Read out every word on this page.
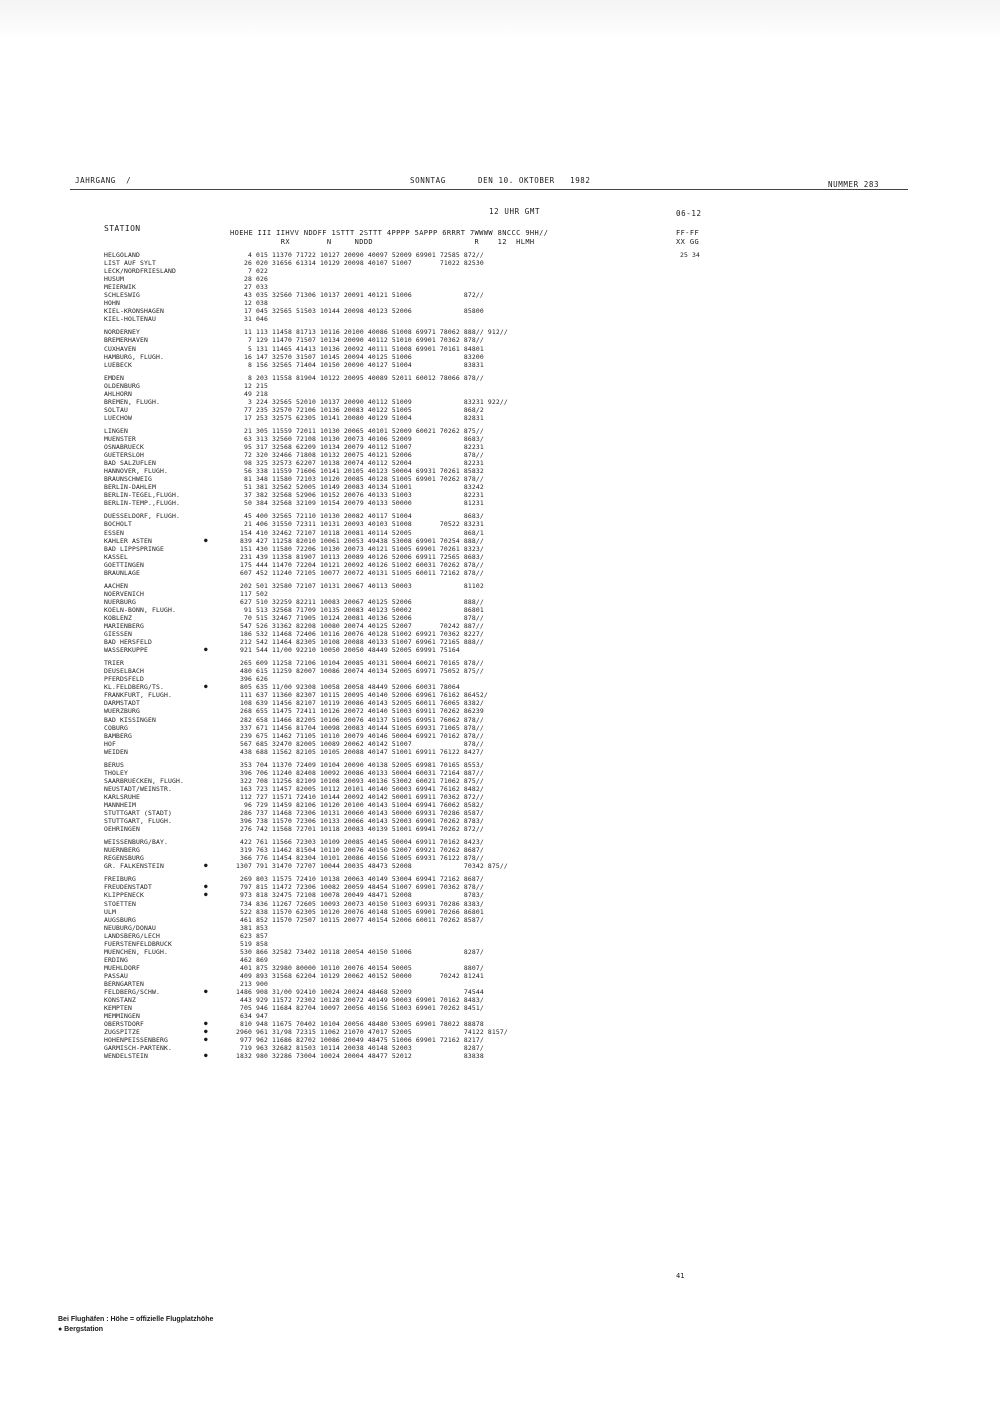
JAHRGANG  /	SONNTAG	DEN 10. OKTOBER   1982	NUMMER 283
12 UHR GMT	06-12
STATION	HOEHE III IIHVV NDDFF 1STTT 2STTT 4PPPP 5APPP 6RRRT 7WWWW 8NCCC 9HH//
RX        N     NDDD                      R    12  HLMH
FF-FF
XX GG
HELGOLAND	4 015 11370 71722 10127 20090 40097 52009 69901 72585 872//	25 34
LIST AUF SYLT	26 020 31656 61314 10129 20098 40107 51007       71022 82530
LECK/NORDFRIESLAND	7 022
HUSUM	28 026
MEIERWIK	27 033
SCHLESWIG	43 035 32560 71306 10137 20091 40121 51006             872//
HOHN	12 038
KIEL-KRONSHAGEN	17 045 32565 51503 10144 20098 40123 52006             85800
KIEL-HOLTENAU	31 046
NORDERNEY	11 113 11458 81713 10116 20100 40086 51008 69971 78062 888// 912//
BREMERHAVEN	7 129 11470 71507 10134 20090 40112 51010 69901 70362 878//
CUXHAVEN	5 131 11465 41413 10136 20092 40111 51008 69901 70161 84801
HAMBURG, FLUGH.	16 147 32570 31507 10145 20094 40125 51006             83200
LUEBECK	8 156 32565 71404 10150 20090 40127 51004             83831
EMDEN	8 203 11558 81904 10122 20095 40089 52011 60012 78066 878//
OLDENBURG	12 215
AHLHORN	49 218
BREMEN, FLUGH.	3 224 32565 52010 10137 20090 40112 51009             83231 922//
SOLTAU	77 235 32570 72106 10136 20083 40122 51005             868/2
LUECHOW	17 253 32575 62305 10141 20080 40129 51004             82831
LINGEN	21 305 11559 72011 10130 20065 40101 52009 60021 70262 875//
MUENSTER	63 313 32560 72108 10130 20073 40106 52009             8683/
OSNABRUECK	95 317 32568 62209 10134 20079 40112 51007             82231
GUETERSLOH	72 320 32466 71808 10132 20075 40121 52006             878//
BAD SALZUFLEN	98 325 32573 62207 10138 20074 40112 52004             82231
HANNOVER, FLUGH.	56 338 11559 71606 10141 20105 40123 50004 69931 70261 85832
BRAUNSCHWEIG	81 348 11580 72103 10120 20085 40128 51005 69901 70262 878//
BERLIN-DAHLEM	51 381 32562 52005 10149 20083 40134 51001             83242
BERLIN-TEGEL,FLUGH.	37 382 32568 52906 10152 20076 40133 51003             82231
BERLIN-TEMP.,FLUGH.	50 384 32568 32109 10154 20079 40133 50000             81231
DUESSELDORF, FLUGH.	45 400 32565 72110 10130 20082 40117 51004             8683/
BOCHOLT	21 406 31550 72311 10131 20093 40103 51008       70522 83231
ESSEN	154 410 32462 72107 10118 20081 40114 52005             868/1
KAHLER ASTEN	●	839 427 11258 82010 10061 20053 49438 53008 69901 70254 888//
BAD LIPPSPRINGE	151 430 11580 72206 10130 20073 40121 51005 69901 70261 8323/
KASSEL	231 439 11358 81907 10113 20089 40126 52006 69911 72565 8683/
GOETTINGEN	175 444 11470 72204 10121 20092 40126 51002 60031 70262 878//
BRAUNLAGE	607 452 11240 72105 10077 20072 40131 51005 60011 72162 878//
AACHEN	202 501 32580 72107 10131 20067 40113 50003             81102
NOERVENICH	117 502
NUERBURG	627 510 32259 82211 10083 20067 40125 52006             888//
KOELN-BONN, FLUGH.	91 513 32568 71709 10135 20083 40123 50002             86801
KOBLENZ	70 515 32467 71905 10124 20081 40136 52006             878//
MARIENBERG	547 526 31362 82208 10080 20074 40125 52007       70242 887//
GIESSEN	186 532 11468 72406 10116 20076 40128 51002 69921 70362 8227/
BAD HERSFELD	212 542 11464 82305 10108 20088 40133 51007 69961 72165 888//
WASSERKUPPE	●	921 544 11/00 92210 10050 20050 48449 52005 69991 75164
TRIER	265 609 11258 72106 10104 20085 40131 50004 60021 70165 878//
DEUSELBACH	480 615 11259 82007 10086 20074 40134 52005 69971 75052 875//
PFERDSFELD	396 626
KL.FELDBERG/TS.	●	805 635 11/00 92308 10058 20058 48449 52006 60031 78064
FRANKFURT, FLUGH.	111 637 11360 82307 10115 20095 40140 52006 69961 76162 86452/
DARMSTADT	108 639 11456 82107 10119 20086 40143 52005 60011 76065 8382/
WUERZBURG	268 655 11475 72411 10126 20072 40140 51003 69911 70262 86239
BAD KISSINGEN	282 658 11466 82205 10106 20076 40137 51005 69951 76062 878//
COBURG	337 671 11456 81704 10098 20083 40144 51005 69931 71065 878//
BAMBERG	239 675 11462 71105 10110 20079 40146 50004 69921 70162 878//
HOF	567 685 32470 82005 10089 20062 40142 51007             878//
WEIDEN	438 688 11562 82105 10105 20088 40147 51001 69911 76122 8427/
BERUS	353 704 11370 72409 10104 20090 40138 52005 69981 70165 8553/
THOLEY	396 706 11240 82408 10092 20086 40133 50004 60031 72164 887//
SAARBRUECKEN, FLUGH.	322 708 11256 82109 10108 20093 40136 53002 60021 71062 875//
NEUSTADT/WEINSTR.	163 723 11457 82005 10112 20101 40140 50003 69941 76162 8482/
KARLSRUHE	112 727 11571 72410 10144 20092 40142 50001 69911 70362 872//
MANNHEIM	96 729 11459 82106 10120 20100 40143 51004 69941 76062 8582/
STUTTGART (STADT)	286 737 11468 72306 10131 20060 40143 50000 69931 70286 8587/
STUTTGART, FLUGH.	396 738 11570 72306 10133 20066 40143 52003 69901 70262 8783/
OEHRINGEN	276 742 11568 72701 10118 20083 40139 51001 69941 70262 872//
WEISSENBURG/BAY.	422 761 11566 72303 10109 20085 40145 50004 69911 70162 8423/
NUERNBERG	319 763 11462 81504 10110 20076 40150 52007 69921 70262 8687/
REGENSBURG	366 776 11454 82304 10101 20086 40156 51005 69931 76122 878//
GR. FALKENSTEIN	●	1307 791 31470 72707 10044 20035 48473 52008             70342 875//
FREIBURG	269 803 11575 72410 10138 20063 40149 53004 69941 72162 8687/
FREUDENSTADT	●	797 815 11472 72306 10082 20059 48454 51007 69901 70362 878//
KLIPPENECK	●	973 818 32475 72108 10078 20049 48471 52008             8783/
STOETTEN	734 836 11267 72605 10093 20073 40150 51003 69931 70286 8383/
ULM	522 838 11570 62305 10120 20076 40148 51005 69901 70266 86801
AUGSBURG	461 852 11570 72507 10115 20077 40154 52006 60011 70262 8587/
NEUBURG/DONAU	381 853
LANDSBERG/LECH	623 857
FUERSTENFELDBRUCK	519 858
MUENCHEN, FLUGH.	530 866 32582 73402 10118 20054 40150 51006             8287/
ERDING	462 869
MUEHLDORF	401 875 32980 80000 10110 20076 40154 50005             8807/
PASSAU	409 893 31568 62204 10129 20062 40152 50000       70242 81241
BERNGARTEN	213 900
FELDBERG/SCHW.	●	1486 908 31/00 92410 10024 20024 48468 52009             74544
KONSTANZ	443 929 11572 72302 10128 20072 40149 50003 69901 70162 8483/
KEMPTEN	705 946 11684 82704 10097 20056 40156 51003 69901 70262 8451/
MEMMINGEN	634 947
OBERSTDORF	●	810 948 11675 70402 10104 20056 48480 53005 69901 78022 88878
ZUGSPITZE	●	2960 961 31/98 72315 11062 21070 47017 52005             74122 8157/
HOHENPEISSENBERG	●	977 962 11686 82702 10086 20049 48475 51006 69901 72162 8217/
GARMISCH-PARTENK.	719 963 32682 81503 10114 20038 40148 52003             8287/
WENDELSTEIN	●	1832 980 32286 73004 10024 20004 48477 52012             83838
41
Bei Flughäfen : Höhe = offizielle Flugplatzhöhe
● Bergstation
